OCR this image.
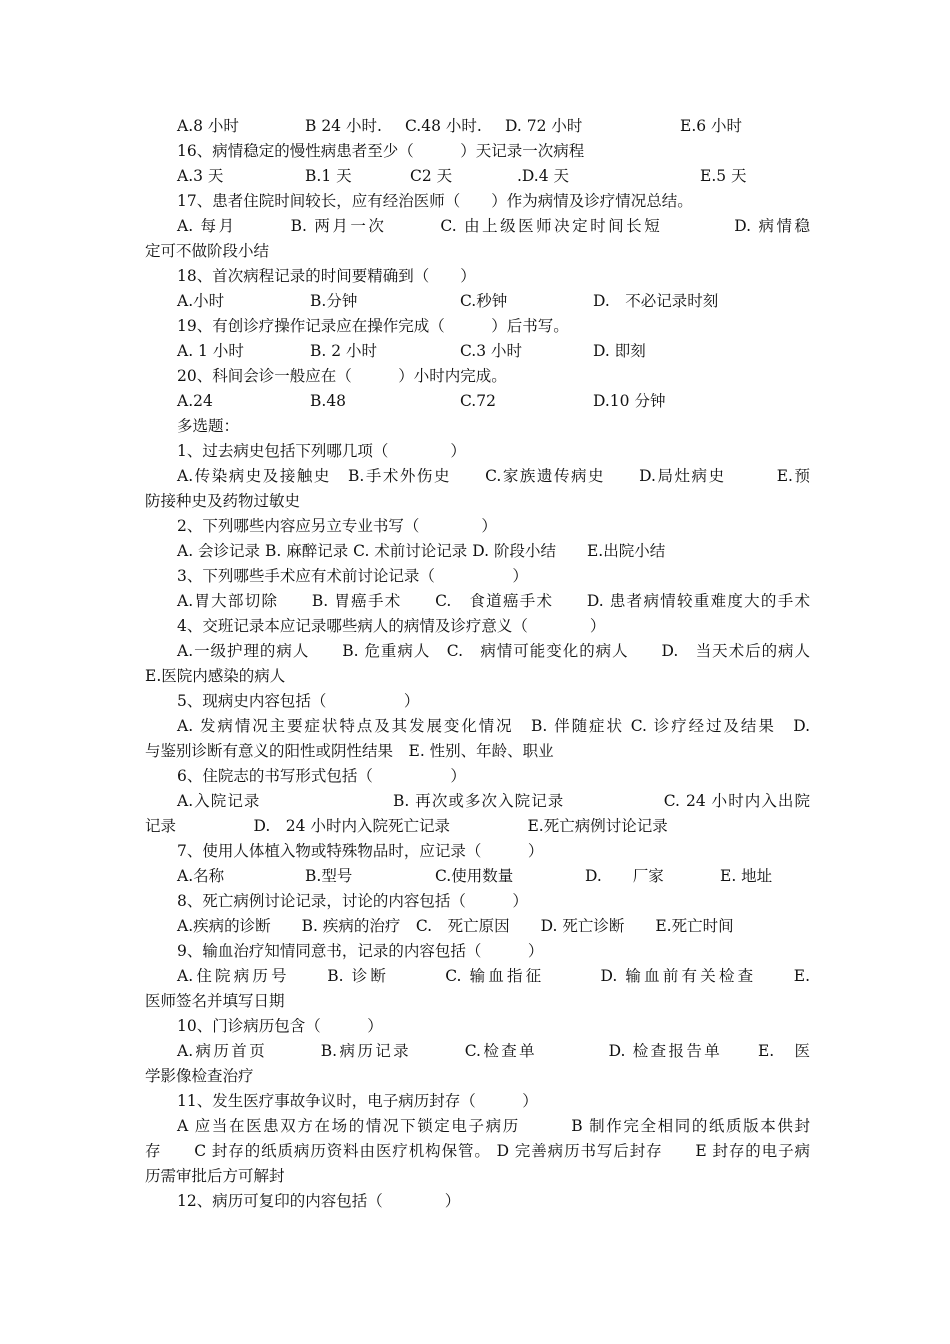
A.8 小时	B 24 小时. C.48 小时. D. 72 小时	E.6 小时
16、病情稳定的慢性病患者至少（　　　）天记录一次病程
A.3 天	B.1 天	C2 天	.D.4 天	E.5 天
17、患者住院时间较长，应有经治医师（　　）作为病情及诊疗情况总结。
A. 每月　　　B. 两月一次　　　C. 由上级医师决定时间长短　　　　D. 病情稳
定可不做阶段小结
18、首次病程记录的时间要精确到（　　）
A.小时	B.分钟	C.秒钟	D.　不必记录时刻
19、有创诊疗操作记录应在操作完成（　　　）后书写。
A. 1 小时	B. 2 小时	C.3 小时	D. 即刻
20、科间会诊一般应在（　　　）小时内完成。
A.24	B.48	C.72	D.10 分钟
多选题：
1、过去病史包括下列哪几项（　　　　）
A.传染病史及接触史　B.手术外伤史　　C.家族遗传病史　　D.局灶病史　　　E.预
防接种史及药物过敏史
2、下列哪些内容应另立专业书写（　　　　）
A. 会诊记录 B. 麻醉记录 C. 术前讨论记录 D. 阶段小结　　E.出院小结
3、下列哪些手术应有术前讨论记录（　　　　　）
A.胃大部切除　　B. 胃癌手术　　C.　食道癌手术　　D. 患者病情较重难度大的手术
4、交班记录本应记录哪些病人的病情及诊疗意义（　　　　）
A.一级护理的病人　　B. 危重病人　C.　病情可能变化的病人　　D.　当天术后的病人
E.医院内感染的病人
5、现病史内容包括（　　　　　）
A. 发病情况主要症状特点及其发展变化情况　B. 伴随症状 C. 诊疗经过及结果　D.
与鉴别诊断有意义的阳性或阴性结果　E. 性别、年龄、职业
6、住院志的书写形式包括（　　　　　）
A.入院记录　　　　　　　　B. 再次或多次入院记录　　　　　　C. 24 小时内入出院
记录　　　　　D.　24 小时内入院死亡记录　　　　　E.死亡病例讨论记录
7、使用人体植入物或特殊物品时，应记录（　　　）
A.名称	B.型号	C.使用数量	D.　　厂家	E. 地址
8、死亡病例讨论记录，讨论的内容包括（　　　）
A.疾病的诊断　　B. 疾病的治疗　C.　死亡原因　　D. 死亡诊断　　E.死亡时间
9、输血治疗知情同意书，记录的内容包括（　　　）
A.住院病历号　　B. 诊断　　　C. 输血指征　　　D. 输血前有关检查　　E.
医师签名并填写日期
10、门诊病历包含（　　　）
A.病历首页　　　B.病历记录　　　C.检查单　　　　D. 检查报告单　　E.　医
学影像检查治疗
11、发生医疗事故争议时，电子病历封存（　　　）
A 应当在医患双方在场的情况下锁定电子病历　　　B 制作完全相同的纸质版本供封
存　　C 封存的纸质病历资料由医疗机构保管。 D 完善病历书写后封存　　E 封存的电子病
历需审批后方可解封
12、病历可复印的内容包括（　　　　）
